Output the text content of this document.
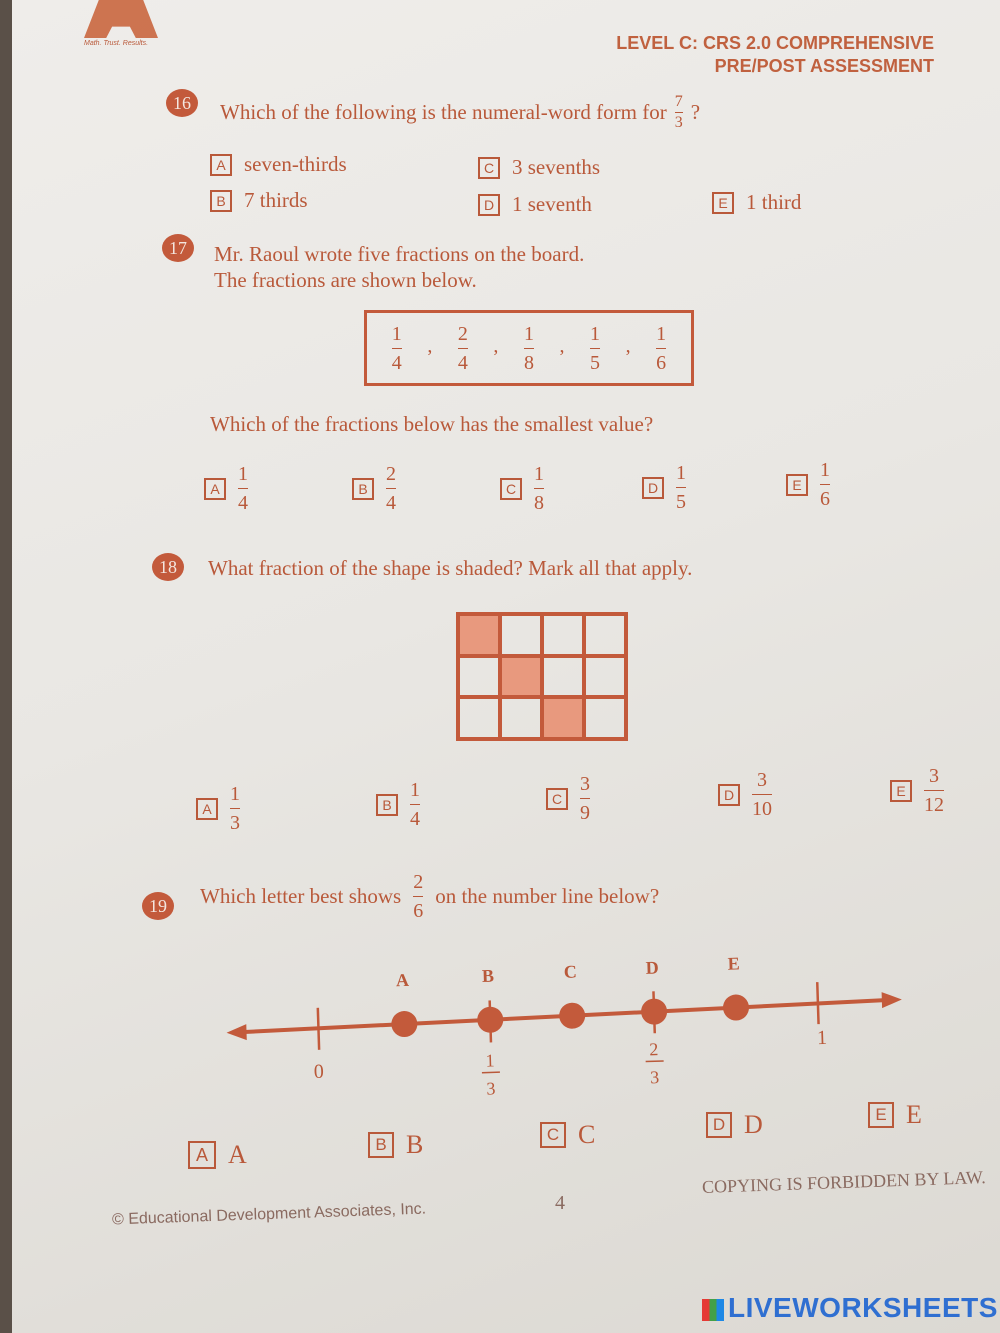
Math. Trust. Results.	LEVEL C: CRS 2.0 COMPREHENSIVE
PRE/POST ASSESSMENT
16	Which of the following is the numeral-word form for $\frac{7}{3}$ ?
A seven-thirds
B 7 thirds
C 3 sevenths
D 1 seventh	E 1 third
17	Mr. Raoul wrote five fractions on the board.
The fractions are shown below.
$\frac{1}{4}$ , $\frac{2}{4}$ , $\frac{1}{8}$ , $\frac{1}{5}$ , $\frac{1}{6}$
Which of the fractions below has the smallest value?
A $\frac{1}{4}$	B $\frac{2}{4}$	C $\frac{1}{8}$	D $\frac{1}{5}$	E $\frac{1}{6}$
18	What fraction of the shape is shaded? Mark all that apply.
A $\frac{1}{3}$	B $\frac{1}{4}$	C $\frac{3}{9}$	D $\frac{3}{10}$	E $\frac{3}{12}$
19	Which letter best shows $\frac{2}{6}$ on the number line below?
A	B	C	D	E
0
1
1
3
2
3
A A	B B	C C	D D	E E
© Educational Development Associates, Inc.	4
COPYING IS FORBIDDEN BY LAW.
LIVEWORKSHEETS
